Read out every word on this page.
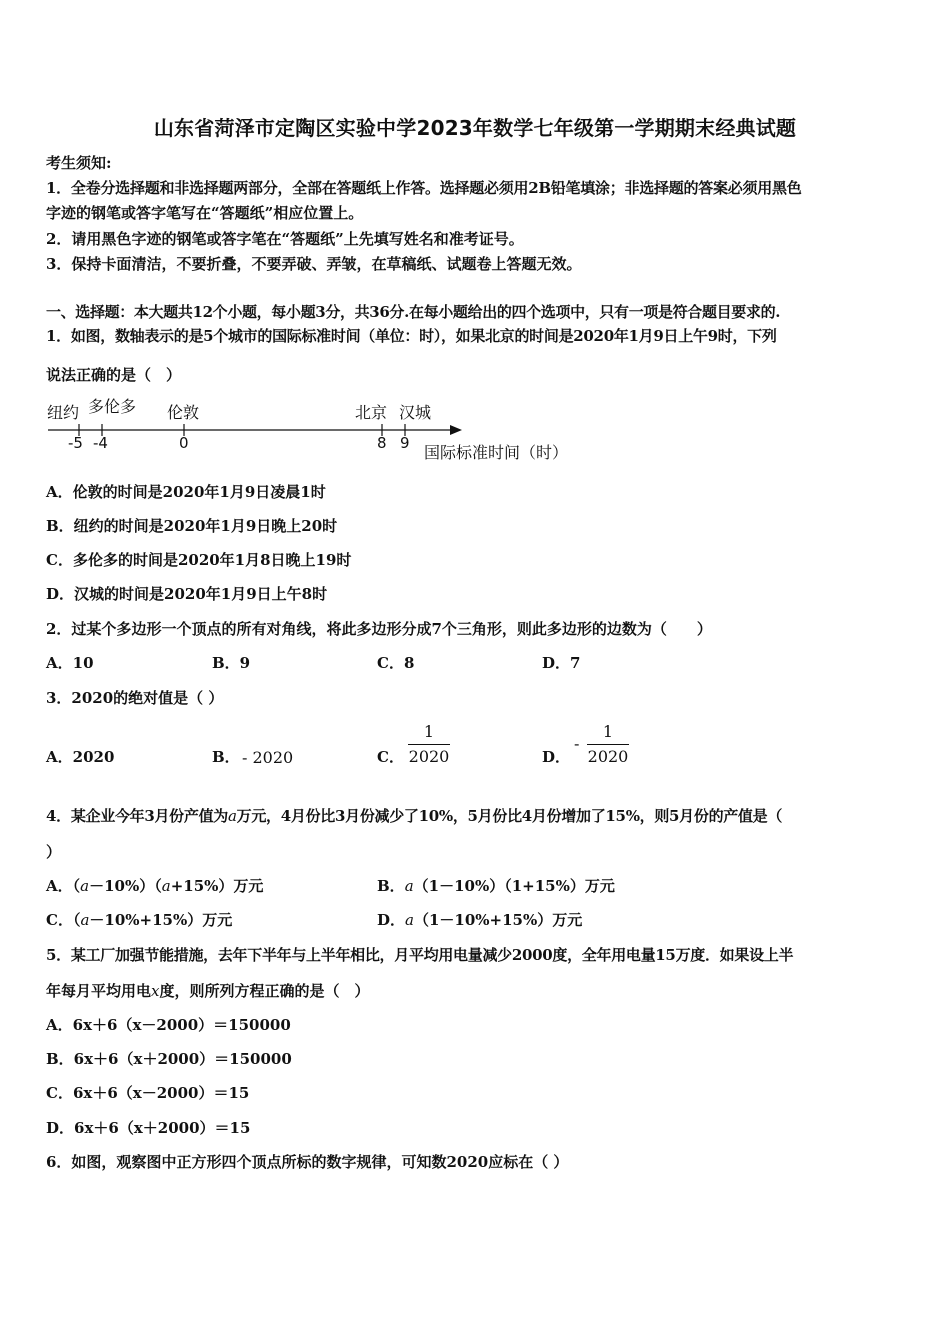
山东省菏泽市定陶区实验中学2023年数学七年级第一学期期末经典试题
考生须知:
1．全卷分选择题和非选择题两部分，全部在答题纸上作答。选择题必须用2B铅笔填涂；非选择题的答案必须用黑色
字迹的钢笔或答字笔写在“答题纸”相应位置上。
2．请用黑色字迹的钢笔或答字笔在“答题纸”上先填写姓名和准考证号。
3．保持卡面清洁，不要折叠，不要弄破、弄皱，在草稿纸、试题卷上答题无效。
一、选择题：本大题共12个小题，每小题3分，共36分.在每小题给出的四个选项中，只有一项是符合题目要求的.
1．如图，数轴表示的是5个城市的国际标准时间（单位：时），如果北京的时间是2020年1月9日上午9时，下列
说法正确的是（　）
纽约 多伦多 伦敦	北京 汉城
-5 -4	0	8 9 国际标准时间（时）
A．伦敦的时间是2020年1月9日凌晨1时
B．纽约的时间是2020年1月9日晚上20时
C．多伦多的时间是2020年1月8日晚上19时
D．汉城的时间是2020年1月9日上午8时
2．过某个多边形一个顶点的所有对角线，将此多边形分成7个三角形，则此多边形的边数为（　　）
A．10	B．9	C．8	D．7
3．2020的绝对值是（ ）
A．2020	B． - 2020	C．
1
2020	D．
-
1
2020
4．某企业今年3月份产值为a万元，4月份比3月份减少了10%，5月份比4月份增加了15%，则5月份的产值是（
）
A．（a－10%）（a+15%）万元	B．a（1－10%）（1+15%）万元
C．（a－10%+15%）万元	D．a（1－10%+15%）万元
5．某工厂加强节能措施，去年下半年与上半年相比，月平均用电量减少2000度，全年用电量15万度．如果设上半
年每月平均用电x度，则所列方程正确的是（　）
A．6x＋6（x－2000）＝150000
B．6x＋6（x＋2000）＝150000
C．6x＋6（x－2000）＝15
D．6x＋6（x＋2000）＝15
6．如图，观察图中正方形四个顶点所标的数字规律，可知数2020应标在（ ）
